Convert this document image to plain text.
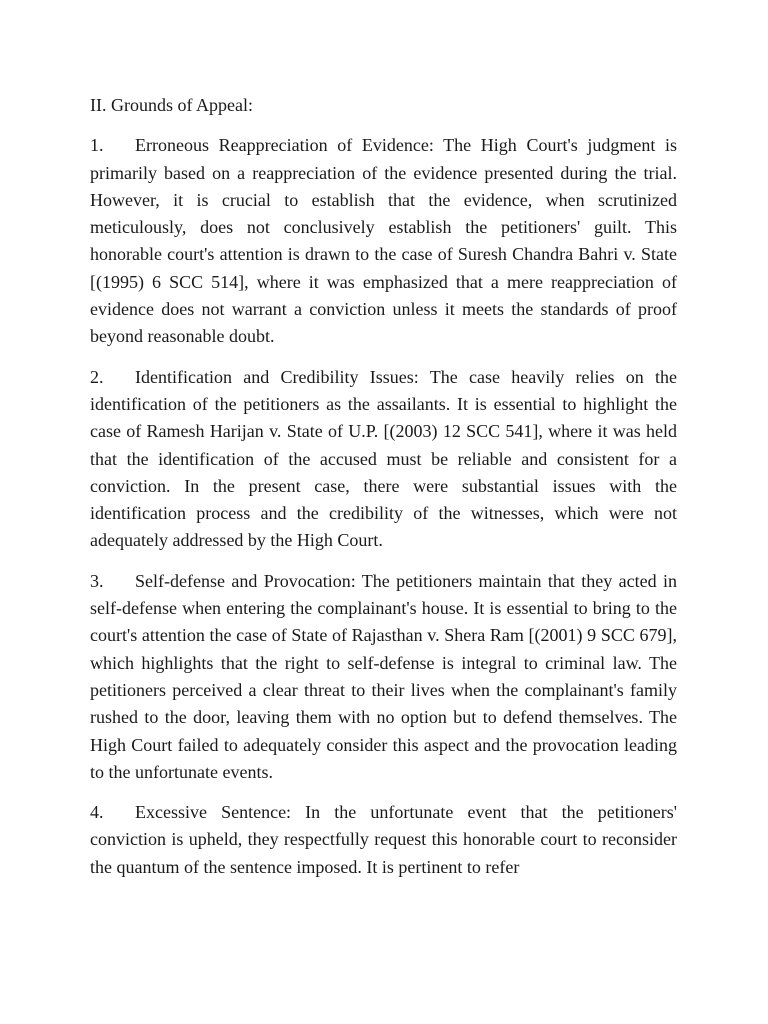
II. Grounds of Appeal:

1. Erroneous Reappreciation of Evidence: The High Court's judgment is primarily based on a reappreciation of the evidence presented during the trial. However, it is crucial to establish that the evidence, when scrutinized meticulously, does not conclusively establish the petitioners' guilt. This honorable court's attention is drawn to the case of Suresh Chandra Bahri v. State [(1995) 6 SCC 514], where it was emphasized that a mere reappreciation of evidence does not warrant a conviction unless it meets the standards of proof beyond reasonable doubt.

2. Identification and Credibility Issues: The case heavily relies on the identification of the petitioners as the assailants. It is essential to highlight the case of Ramesh Harijan v. State of U.P. [(2003) 12 SCC 541], where it was held that the identification of the accused must be reliable and consistent for a conviction. In the present case, there were substantial issues with the identification process and the credibility of the witnesses, which were not adequately addressed by the High Court.

3. Self-defense and Provocation: The petitioners maintain that they acted in self-defense when entering the complainant's house. It is essential to bring to the court's attention the case of State of Rajasthan v. Shera Ram [(2001) 9 SCC 679], which highlights that the right to self-defense is integral to criminal law. The petitioners perceived a clear threat to their lives when the complainant's family rushed to the door, leaving them with no option but to defend themselves. The High Court failed to adequately consider this aspect and the provocation leading to the unfortunate events.

4. Excessive Sentence: In the unfortunate event that the petitioners' conviction is upheld, they respectfully request this honorable court to reconsider the quantum of the sentence imposed. It is pertinent to refer
